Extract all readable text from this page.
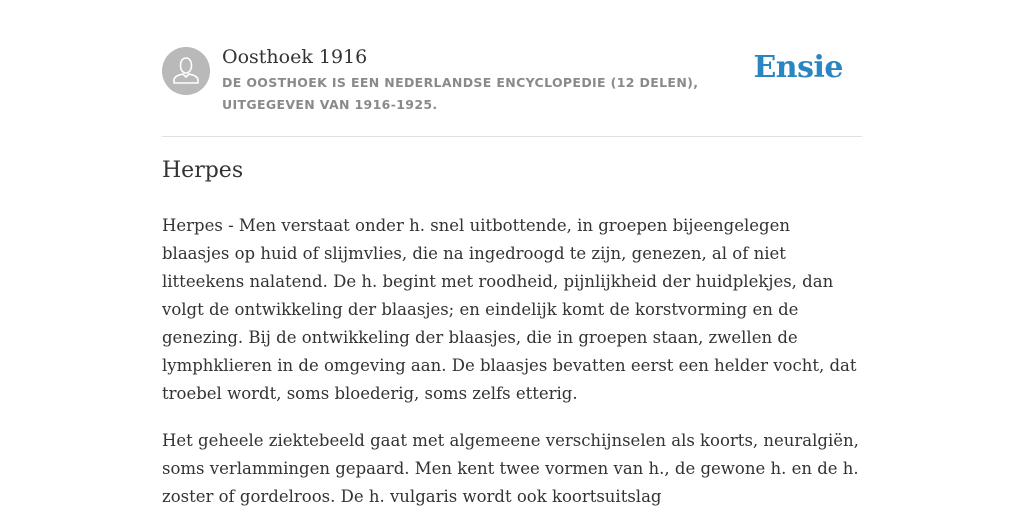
Oosthoek 1916
DE OOSTHOEK IS EEN NEDERLANDSE ENCYCLOPEDIE (12 DELEN), UITGEGEVEN VAN 1916-1925.
Ensie
Herpes

Herpes - Men verstaat onder h. snel uitbottende, in groepen bijeengelegen blaasjes op huid of slijmvlies, die na ingedroogd te zijn, genezen, al of niet litteekens nalatend. De h. begint met roodheid, pijnlijkheid der huidplekjes, dan volgt de ontwikkeling der blaasjes; en eindelijk komt de korstvorming en de genezing. Bij de ontwikkeling der blaasjes, die in groepen staan, zwellen de lymphklieren in de omgeving aan. De blaasjes bevatten eerst een helder vocht, dat troebel wordt, soms bloederig, soms zelfs etterig.

Het geheele ziektebeeld gaat met algemeene verschijnselen als koorts, neuralgiën, soms verlammingen gepaard. Men kent twee vormen van h., de gewone h. en de h. zoster of gordelroos. De h. vulgaris wordt ook koortsuitslag
